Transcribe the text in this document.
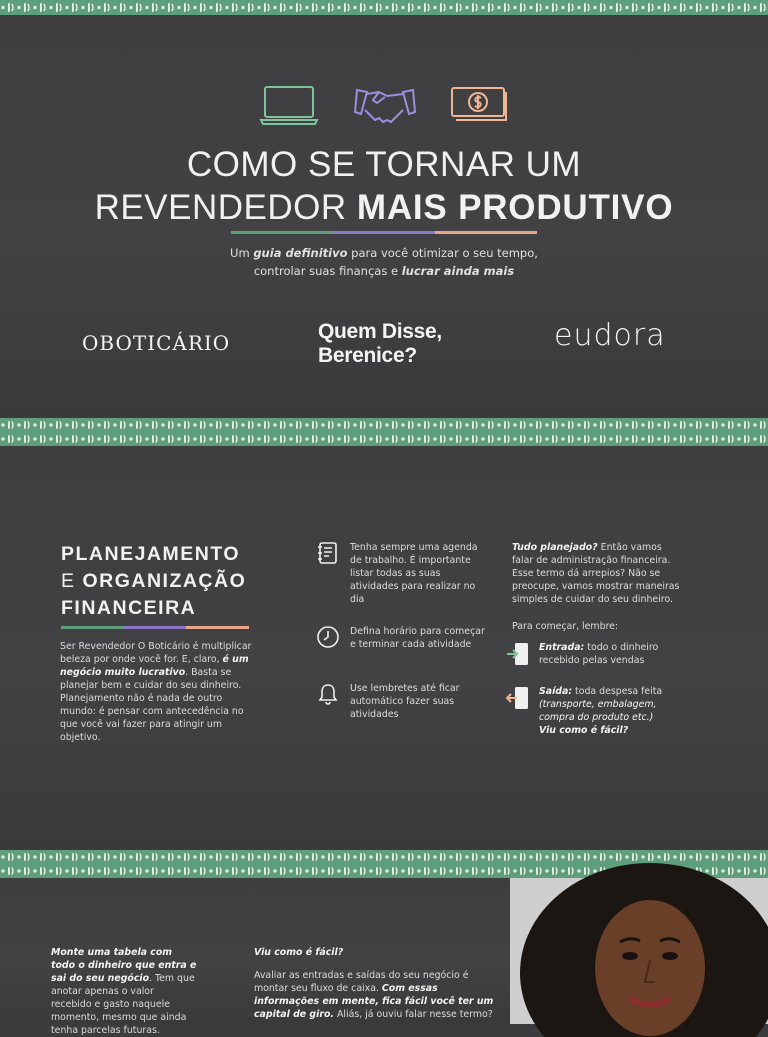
COMO SE TORNAR UM
REVENDEDOR MAIS PRODUTIVO
Um guia definitivo para você otimizar o seu tempo,
controlar suas finanças e lucrar ainda mais
OBOTICÁRIO	Quem Disse,
Berenice?
eudora
PLANEJAMENTO
E ORGANIZAÇÃO
FINANCEIRA
Ser Revendedor O Boticário é multiplicar beleza por onde você for. E, claro, é um negócio muito lucrativo. Basta se planejar bem e cuidar do seu dinheiro. Planejamento não é nada de outro mundo: é pensar com antecedência no que você vai fazer para atingir um objetivo.
Tenha sempre uma agenda de trabalho. É importante listar todas as suas atividades para realizar no dia
Defina horário para começar e terminar cada atividade
Use lembretes até ficar automático fazer suas atividades
Tudo planejado? Então vamos falar de administração financeira. Esse termo dá arrepios? Não se preocupe, vamos mostrar maneiras simples de cuidar do seu dinheiro.
Para começar, lembre:
Entrada: todo o dinheiro recebido pelas vendas
Saída: toda despesa feita
(transporte, embalagem, compra do produto etc.)
Viu como é fácil?
Monte uma tabela com todo o dinheiro que entra e sai do seu negócio. Tem que anotar apenas o valor recebido e gasto naquele momento, mesmo que ainda tenha parcelas futuras.
Viu como é fácil?
Avaliar as entradas e saídas do seu negócio é montar seu fluxo de caixa. Com essas informações em mente, fica fácil você ter um capital de giro. Aliás, já ouviu falar nesse termo?
